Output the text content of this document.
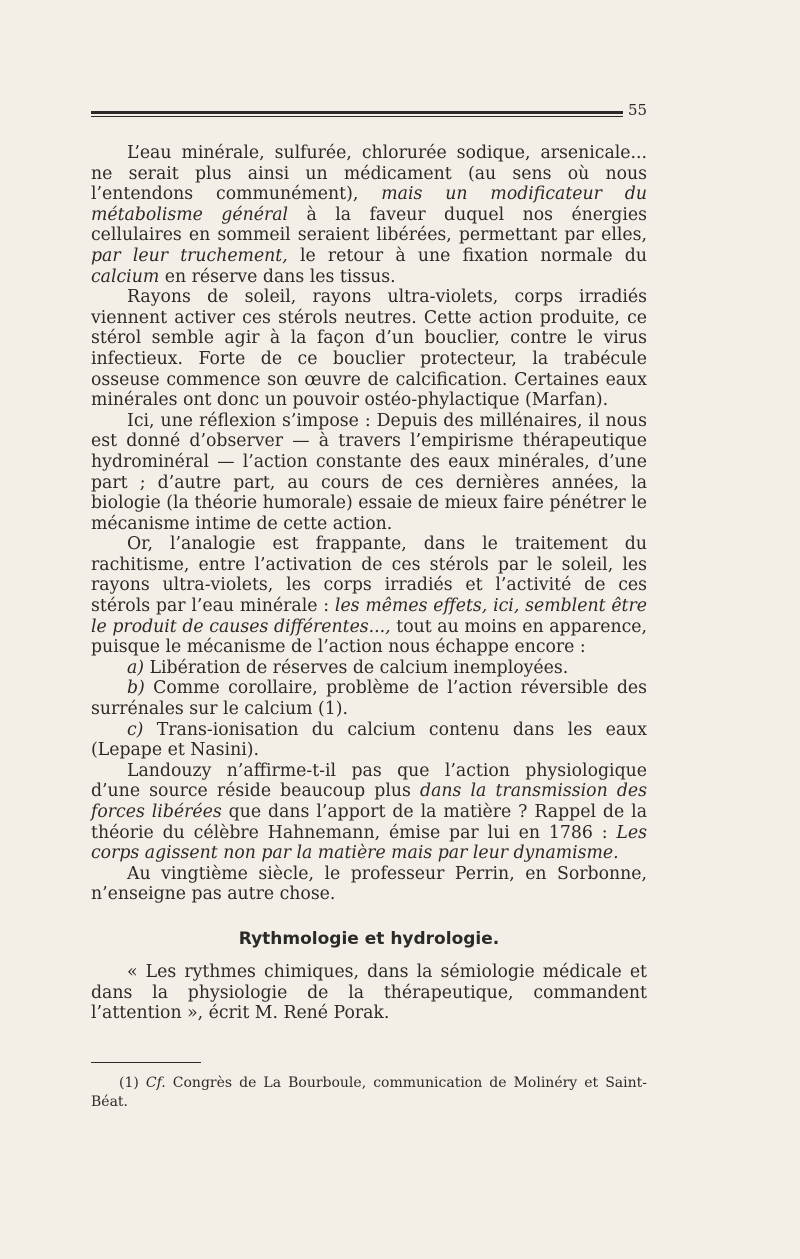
55

L’eau minérale, sulfurée, chlorurée sodique, arsenicale... ne serait plus ainsi un médicament (au sens où nous l’entendons communément), mais un modificateur du métabolisme général à la faveur duquel nos énergies cellulaires en sommeil seraient libérées, permettant par elles, par leur truchement, le retour à une fixation normale du calcium en réserve dans les tissus.

Rayons de soleil, rayons ultra-violets, corps irradiés viennent activer ces stérols neutres. Cette action produite, ce stérol semble agir à la façon d’un bouclier, contre le virus infectieux. Forte de ce bouclier protecteur, la trabécule osseuse commence son œuvre de calcification. Certaines eaux minérales ont donc un pouvoir ostéo-phylactique (Marfan).

Ici, une réflexion s’impose : Depuis des millénaires, il nous est donné d’observer — à travers l’empirisme thérapeutique hydrominéral — l’action constante des eaux minérales, d’une part ; d’autre part, au cours de ces dernières années, la biologie (la théorie humorale) essaie de mieux faire pénétrer le mécanisme intime de cette action.

Or, l’analogie est frappante, dans le traitement du rachitisme, entre l’activation de ces stérols par le soleil, les rayons ultra-violets, les corps irradiés et l’activité de ces stérols par l’eau minérale : les mêmes effets, ici, semblent être le produit de causes différentes..., tout au moins en apparence, puisque le mécanisme de l’action nous échappe encore :

a) Libération de réserves de calcium inemployées.

b) Comme corollaire, problème de l’action réversible des surrénales sur le calcium (1).

c) Trans-ionisation du calcium contenu dans les eaux (Lepape et Nasini).

Landouzy n’affirme-t-il pas que l’action physiologique d’une source réside beaucoup plus dans la transmission des forces libérées que dans l’apport de la matière ? Rappel de la théorie du célèbre Hahnemann, émise par lui en 1786 : Les corps agissent non par la matière mais par leur dynamisme.

Au vingtième siècle, le professeur Perrin, en Sorbonne, n’enseigne pas autre chose.

Rythmologie et hydrologie.

« Les rythmes chimiques, dans la sémiologie médicale et dans la physiologie de la thérapeutique, commandent l’attention », écrit M. René Porak.

(1) Cf. Congrès de La Bourboule, communication de Molinéry et Saint-Béat.
